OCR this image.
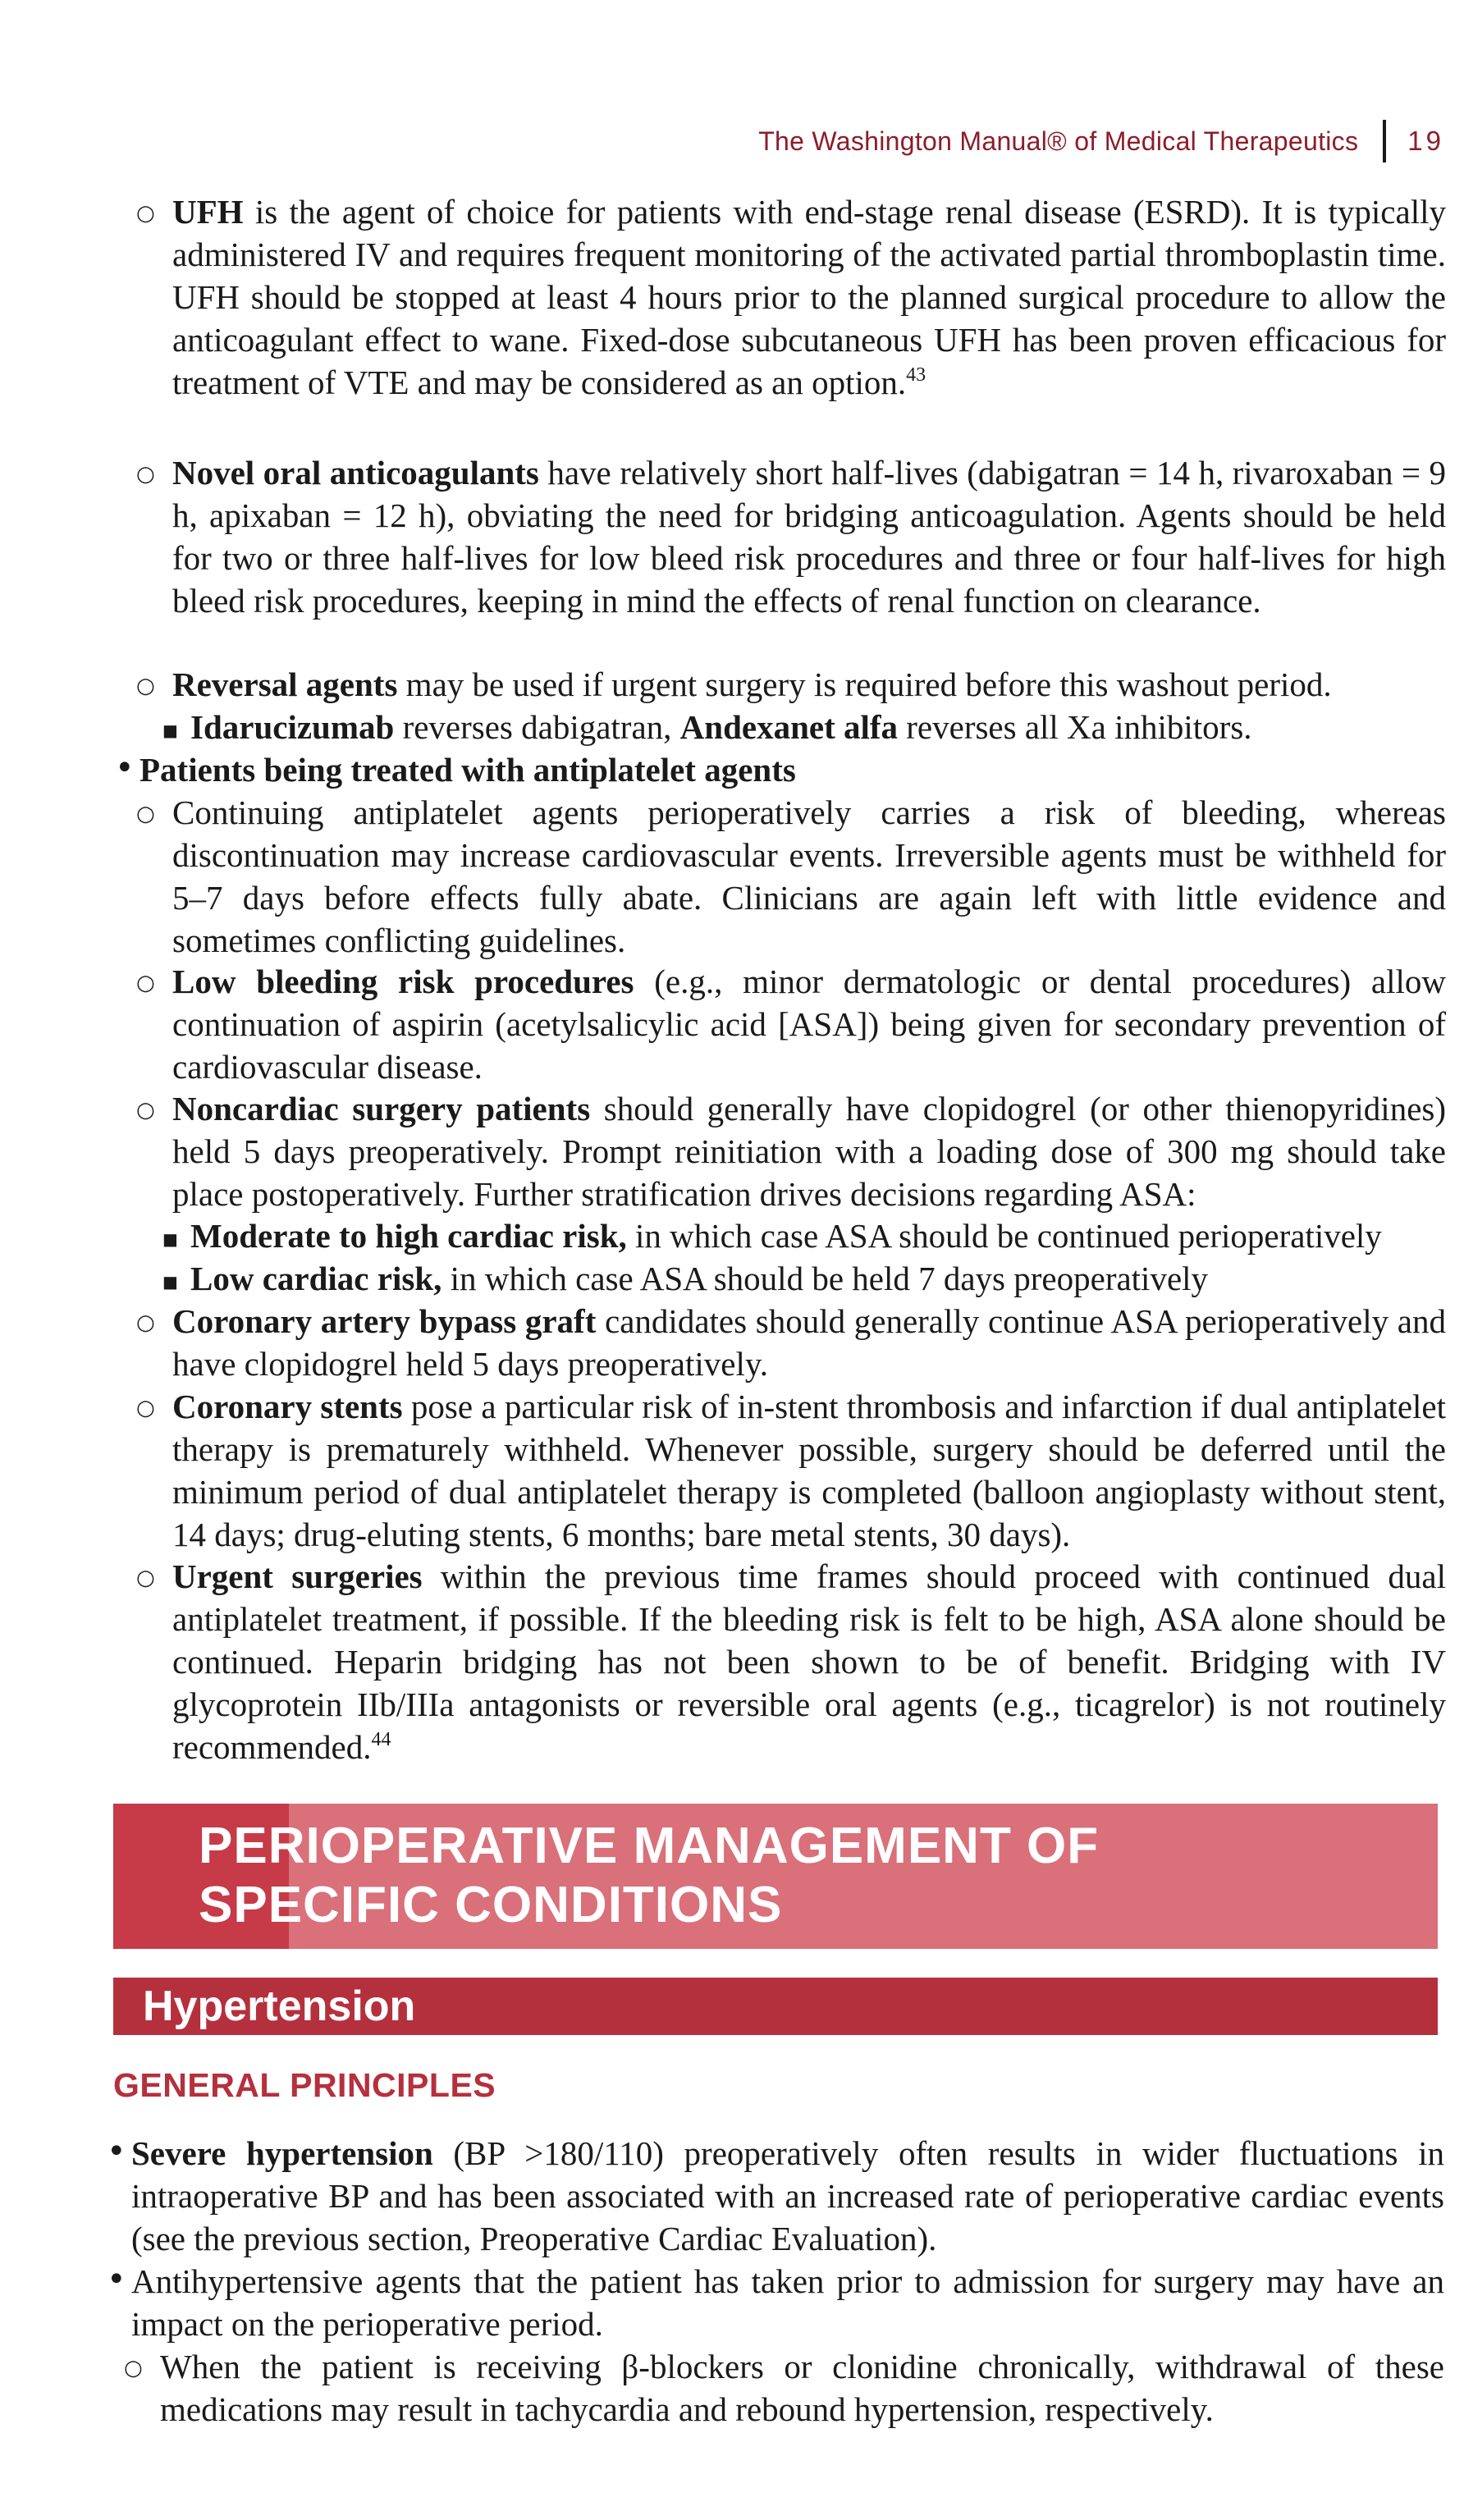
The Washington Manual® of Medical Therapeutics 19
○ UFH is the agent of choice for patients with end-stage renal disease (ESRD). It is typically administered IV and requires frequent monitoring of the activated partial thromboplastin time. UFH should be stopped at least 4 hours prior to the planned surgical procedure to allow the anticoagulant effect to wane. Fixed-dose subcutaneous UFH has been proven efficacious for treatment of VTE and may be considered as an option.$^{43}$
○ Novel oral anticoagulants have relatively short half-lives (dabigatran = 14 h, rivaroxaban = 9 h, apixaban = 12 h), obviating the need for bridging anticoagulation. Agents should be held for two or three half-lives for low bleed risk procedures and three or four half-lives for high bleed risk procedures, keeping in mind the effects of renal function on clearance.
○ Reversal agents may be used if urgent surgery is required before this washout period.
■ Idarucizumab reverses dabigatran, Andexanet alfa reverses all Xa inhibitors.
• Patients being treated with antiplatelet agents
○ Continuing antiplatelet agents perioperatively carries a risk of bleeding, whereas discontinuation may increase cardiovascular events. Irreversible agents must be withheld for 5–7 days before effects fully abate. Clinicians are again left with little evidence and sometimes conflicting guidelines.
○ Low bleeding risk procedures (e.g., minor dermatologic or dental procedures) allow continuation of aspirin (acetylsalicylic acid [ASA]) being given for secondary prevention of cardiovascular disease.
○ Noncardiac surgery patients should generally have clopidogrel (or other thienopyridines) held 5 days preoperatively. Prompt reinitiation with a loading dose of 300 mg should take place postoperatively. Further stratification drives decisions regarding ASA:
■ Moderate to high cardiac risk, in which case ASA should be continued perioperatively
■ Low cardiac risk, in which case ASA should be held 7 days preoperatively
○ Coronary artery bypass graft candidates should generally continue ASA perioperatively and have clopidogrel held 5 days preoperatively.
○ Coronary stents pose a particular risk of in-stent thrombosis and infarction if dual antiplatelet therapy is prematurely withheld. Whenever possible, surgery should be deferred until the minimum period of dual antiplatelet therapy is completed (balloon angioplasty without stent, 14 days; drug-eluting stents, 6 months; bare metal stents, 30 days).
○ Urgent surgeries within the previous time frames should proceed with continued dual antiplatelet treatment, if possible. If the bleeding risk is felt to be high, ASA alone should be continued. Heparin bridging has not been shown to be of benefit. Bridging with IV glycoprotein IIb/IIIa antagonists or reversible oral agents (e.g., ticagrelor) is not routinely recommended.$^{44}$
PERIOPERATIVE MANAGEMENT OF
SPECIFIC CONDITIONS
Hypertension
GENERAL PRINCIPLES
• Severe hypertension (BP >180/110) preoperatively often results in wider fluctuations in intraoperative BP and has been associated with an increased rate of perioperative cardiac events (see the previous section, Preoperative Cardiac Evaluation).
• Antihypertensive agents that the patient has taken prior to admission for surgery may have an impact on the perioperative period.
○ When the patient is receiving β-blockers or clonidine chronically, withdrawal of these medications may result in tachycardia and rebound hypertension, respectively.
